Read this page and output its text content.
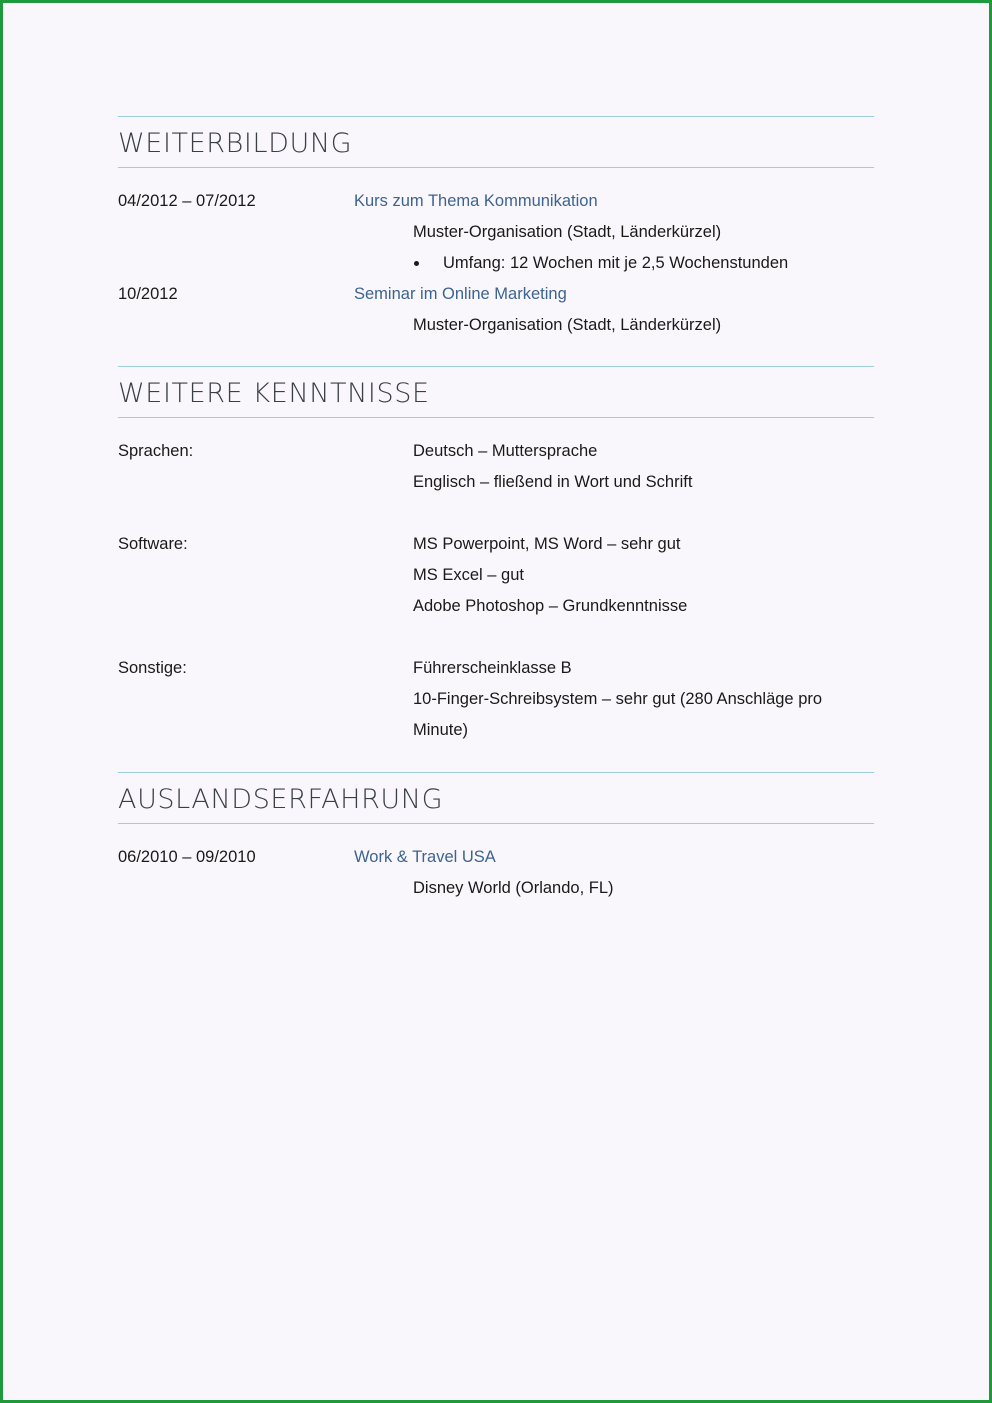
WEITERBILDUNG
04/2012 – 07/2012	Kurs zum Thema Kommunikation
Muster-Organisation (Stadt, Länderkürzel)
Umfang: 12 Wochen mit je 2,5 Wochenstunden
10/2012	Seminar im Online Marketing
Muster-Organisation (Stadt, Länderkürzel)
WEITERE KENNTNISSE
Sprachen:	Deutsch – Muttersprache
Englisch – fließend in Wort und Schrift
Software:	MS Powerpoint, MS Word – sehr gut
MS Excel – gut
Adobe Photoshop – Grundkenntnisse
Sonstige:	Führerscheinklasse B
10-Finger-Schreibsystem – sehr gut (280 Anschläge pro
Minute)
AUSLANDSERFAHRUNG
06/2010 – 09/2010	Work & Travel USA
Disney World (Orlando, FL)
